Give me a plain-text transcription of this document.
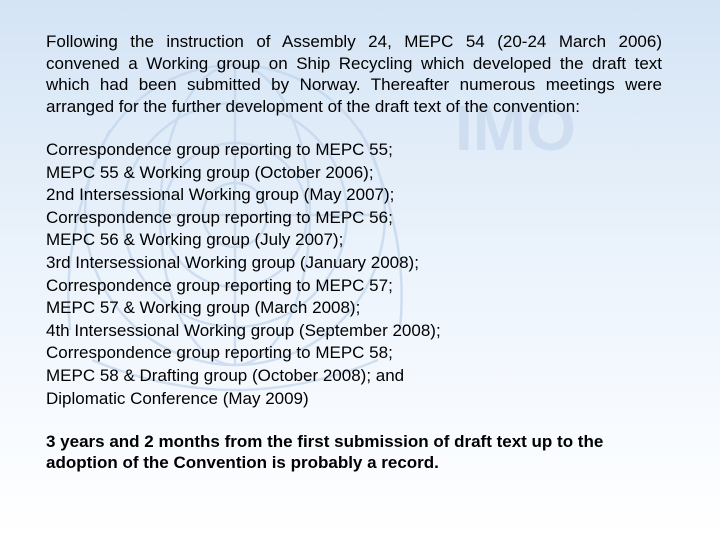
IMO

Following the instruction of Assembly 24, MEPC 54 (20-24 March 2006) convened a Working group on Ship Recycling which developed the draft text which had been submitted by Norway. Thereafter numerous meetings were arranged for the further development of the draft text of the convention:

Correspondence group reporting to MEPC 55;
MEPC 55 & Working group (October 2006);
2nd Intersessional Working group (May 2007);
Correspondence group reporting to MEPC 56;
MEPC 56 & Working group (July 2007);
3rd Intersessional Working group (January 2008);
Correspondence group reporting to MEPC 57;
MEPC 57 & Working group (March 2008);
4th Intersessional Working group (September 2008);
Correspondence group reporting to MEPC 58;
MEPC 58 & Drafting group (October 2008); and
Diplomatic Conference (May 2009)

3 years and 2 months from the first submission of draft text up to the adoption of the Convention is probably a record.
